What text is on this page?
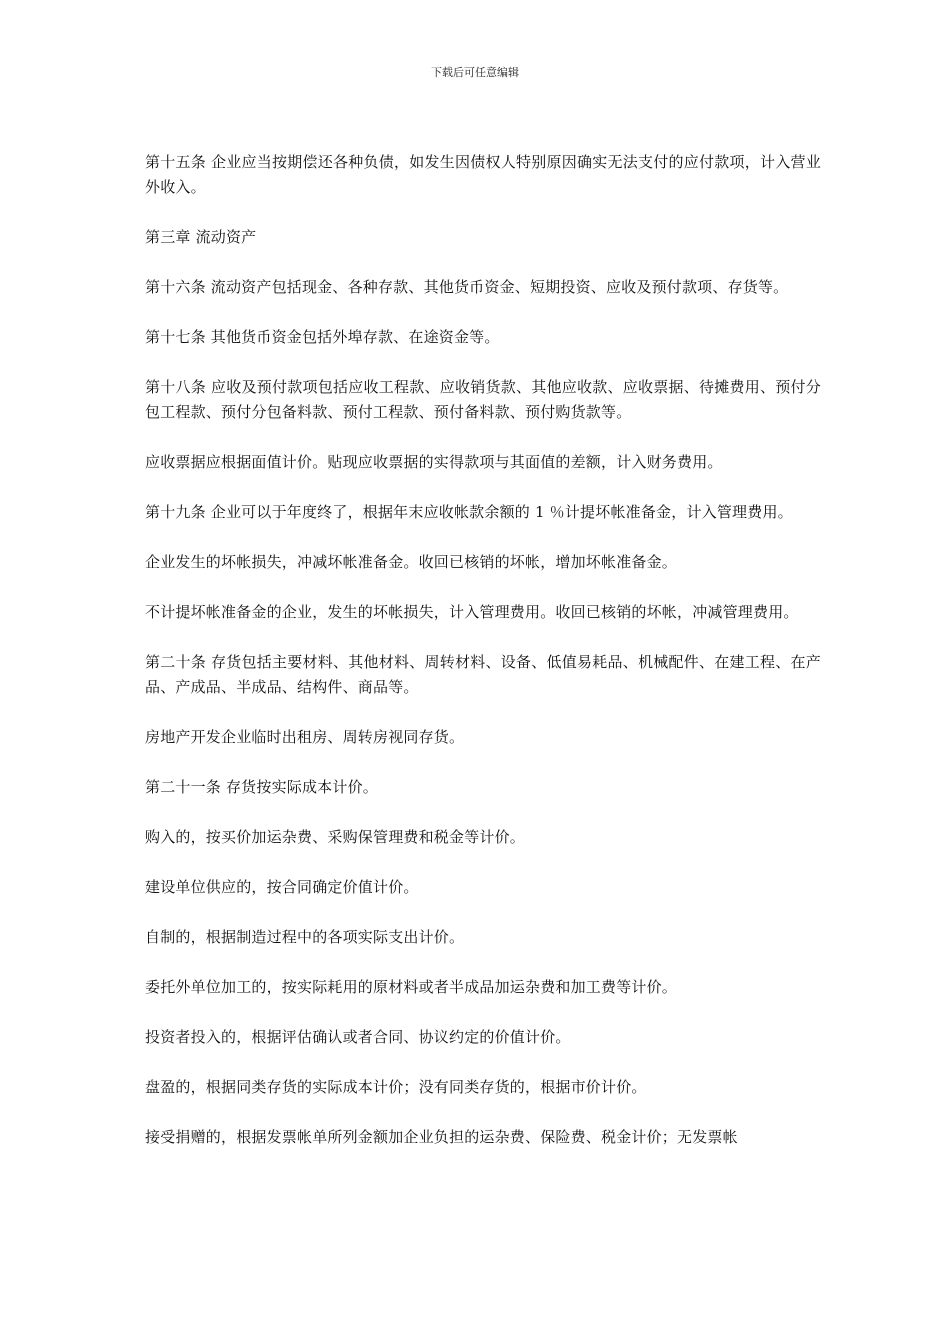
下载后可任意编辑

第十五条 企业应当按期偿还各种负债，如发生因债权人特别原因确实无法支付的应付款项，计入营业外收入。

第三章 流动资产

第十六条 流动资产包括现金、各种存款、其他货币资金、短期投资、应收及预付款项、存货等。

第十七条 其他货币资金包括外埠存款、在途资金等。

第十八条 应收及预付款项包括应收工程款、应收销货款、其他应收款、应收票据、待摊费用、预付分包工程款、预付分包备料款、预付工程款、预付备料款、预付购货款等。

应收票据应根据面值计价。贴现应收票据的实得款项与其面值的差额，计入财务费用。

第十九条 企业可以于年度终了，根据年末应收帐款余额的 1 ％计提坏帐准备金，计入管理费用。

企业发生的坏帐损失，冲减坏帐准备金。收回已核销的坏帐，增加坏帐准备金。

不计提坏帐准备金的企业，发生的坏帐损失，计入管理费用。收回已核销的坏帐，冲减管理费用。

第二十条 存货包括主要材料、其他材料、周转材料、设备、低值易耗品、机械配件、在建工程、在产品、产成品、半成品、结构件、商品等。

房地产开发企业临时出租房、周转房视同存货。

第二十一条 存货按实际成本计价。

购入的，按买价加运杂费、采购保管理费和税金等计价。

建设单位供应的，按合同确定价值计价。

自制的，根据制造过程中的各项实际支出计价。

委托外单位加工的，按实际耗用的原材料或者半成品加运杂费和加工费等计价。

投资者投入的，根据评估确认或者合同、协议约定的价值计价。

盘盈的，根据同类存货的实际成本计价；没有同类存货的，根据市价计价。

接受捐赠的，根据发票帐单所列金额加企业负担的运杂费、保险费、税金计价；无发票帐
